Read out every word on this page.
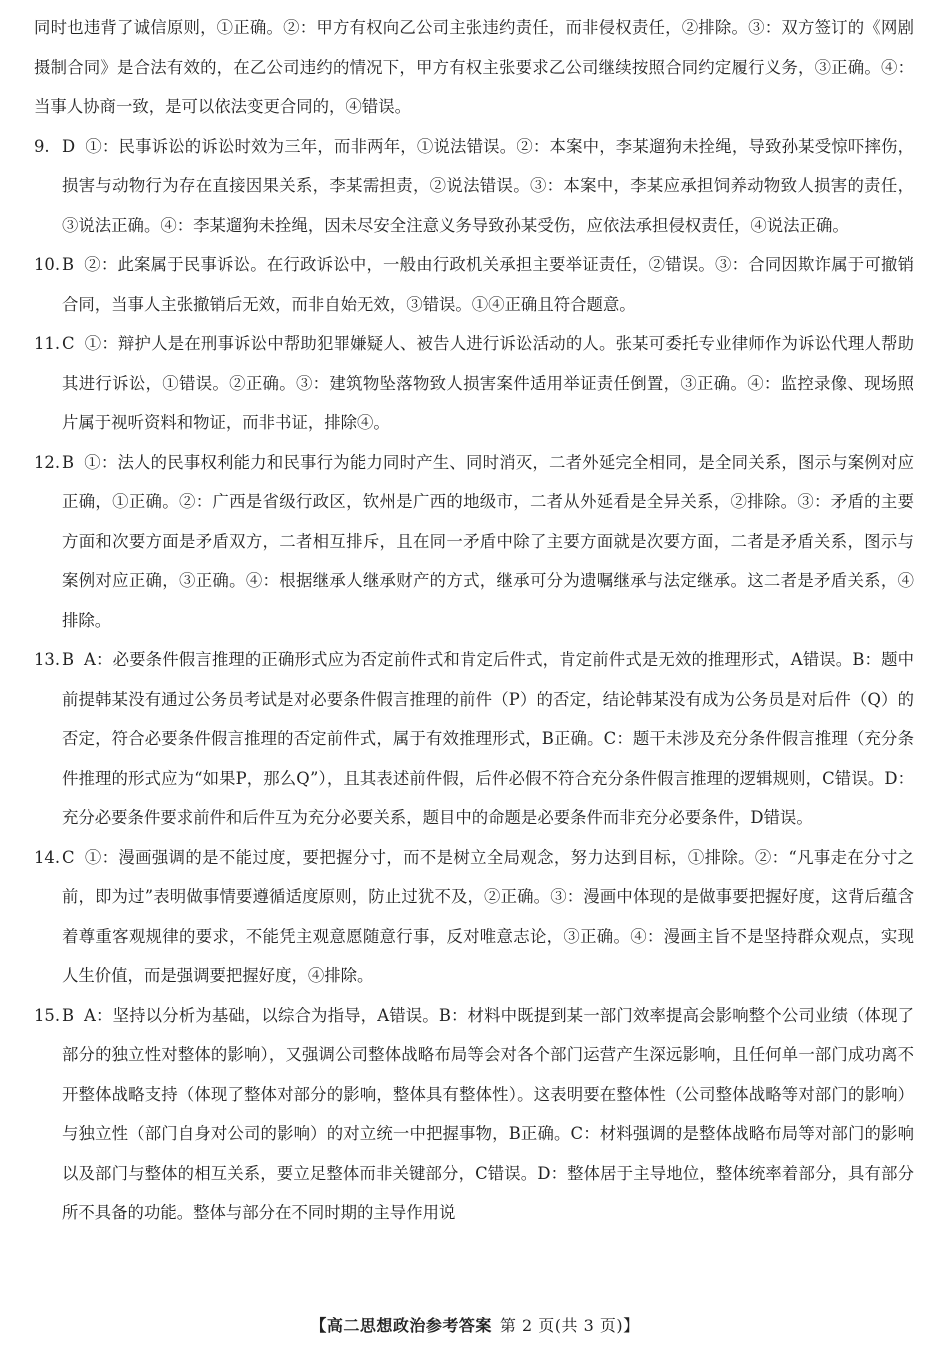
同时也违背了诚信原则，①正确。②：甲方有权向乙公司主张违约责任，而非侵权责任，②排除。③：双方签订的《网剧摄制合同》是合法有效的，在乙公司违约的情况下，甲方有权主张要求乙公司继续按照合同约定履行义务，③正确。④：当事人协商一致，是可以依法变更合同的，④错误。

9. D ①：民事诉讼的诉讼时效为三年，而非两年，①说法错误。②：本案中，李某遛狗未拴绳，导致孙某受惊吓摔伤，损害与动物行为存在直接因果关系，李某需担责，②说法错误。③：本案中，李某应承担饲养动物致人损害的责任，③说法正确。④：李某遛狗未拴绳，因未尽安全注意义务导致孙某受伤，应依法承担侵权责任，④说法正确。

10. B ②：此案属于民事诉讼。在行政诉讼中，一般由行政机关承担主要举证责任，②错误。③：合同因欺诈属于可撤销合同，当事人主张撤销后无效，而非自始无效，③错误。①④正确且符合题意。

11. C ①：辩护人是在刑事诉讼中帮助犯罪嫌疑人、被告人进行诉讼活动的人。张某可委托专业律师作为诉讼代理人帮助其进行诉讼，①错误。②正确。③：建筑物坠落物致人损害案件适用举证责任倒置，③正确。④：监控录像、现场照片属于视听资料和物证，而非书证，排除④。

12. B ①：法人的民事权利能力和民事行为能力同时产生、同时消灭，二者外延完全相同，是全同关系，图示与案例对应正确，①正确。②：广西是省级行政区，钦州是广西的地级市，二者从外延看是全异关系，②排除。③：矛盾的主要方面和次要方面是矛盾双方，二者相互排斥，且在同一矛盾中除了主要方面就是次要方面，二者是矛盾关系，图示与案例对应正确，③正确。④：根据继承人继承财产的方式，继承可分为遗嘱继承与法定继承。这二者是矛盾关系，④排除。

13. B A：必要条件假言推理的正确形式应为否定前件式和肯定后件式，肯定前件式是无效的推理形式，A错误。B：题中前提韩某没有通过公务员考试是对必要条件假言推理的前件（P）的否定，结论韩某没有成为公务员是对后件（Q）的否定，符合必要条件假言推理的否定前件式，属于有效推理形式，B正确。C：题干未涉及充分条件假言推理（充分条件推理的形式应为“如果P，那么Q”），且其表述前件假，后件必假不符合充分条件假言推理的逻辑规则，C错误。D：充分必要条件要求前件和后件互为充分必要关系，题目中的命题是必要条件而非充分必要条件，D错误。

14. C ①：漫画强调的是不能过度，要把握分寸，而不是树立全局观念，努力达到目标，①排除。②：“凡事走在分寸之前，即为过”表明做事情要遵循适度原则，防止过犹不及，②正确。③：漫画中体现的是做事要把握好度，这背后蕴含着尊重客观规律的要求，不能凭主观意愿随意行事，反对唯意志论，③正确。④：漫画主旨不是坚持群众观点，实现人生价值，而是强调要把握好度，④排除。

15. B A：坚持以分析为基础，以综合为指导，A错误。B：材料中既提到某一部门效率提高会影响整个公司业绩（体现了部分的独立性对整体的影响），又强调公司整体战略布局等会对各个部门运营产生深远影响，且任何单一部门成功离不开整体战略支持（体现了整体对部分的影响，整体具有整体性）。这表明要在整体性（公司整体战略等对部门的影响）与独立性（部门自身对公司的影响）的对立统一中把握事物，B正确。C：材料强调的是整体战略布局等对部门的影响以及部门与整体的相互关系，要立足整体而非关键部分，C错误。D：整体居于主导地位，整体统率着部分，具有部分所不具备的功能。整体与部分在不同时期的主导作用说

【高二思想政治参考答案 第 2 页(共 3 页)】
